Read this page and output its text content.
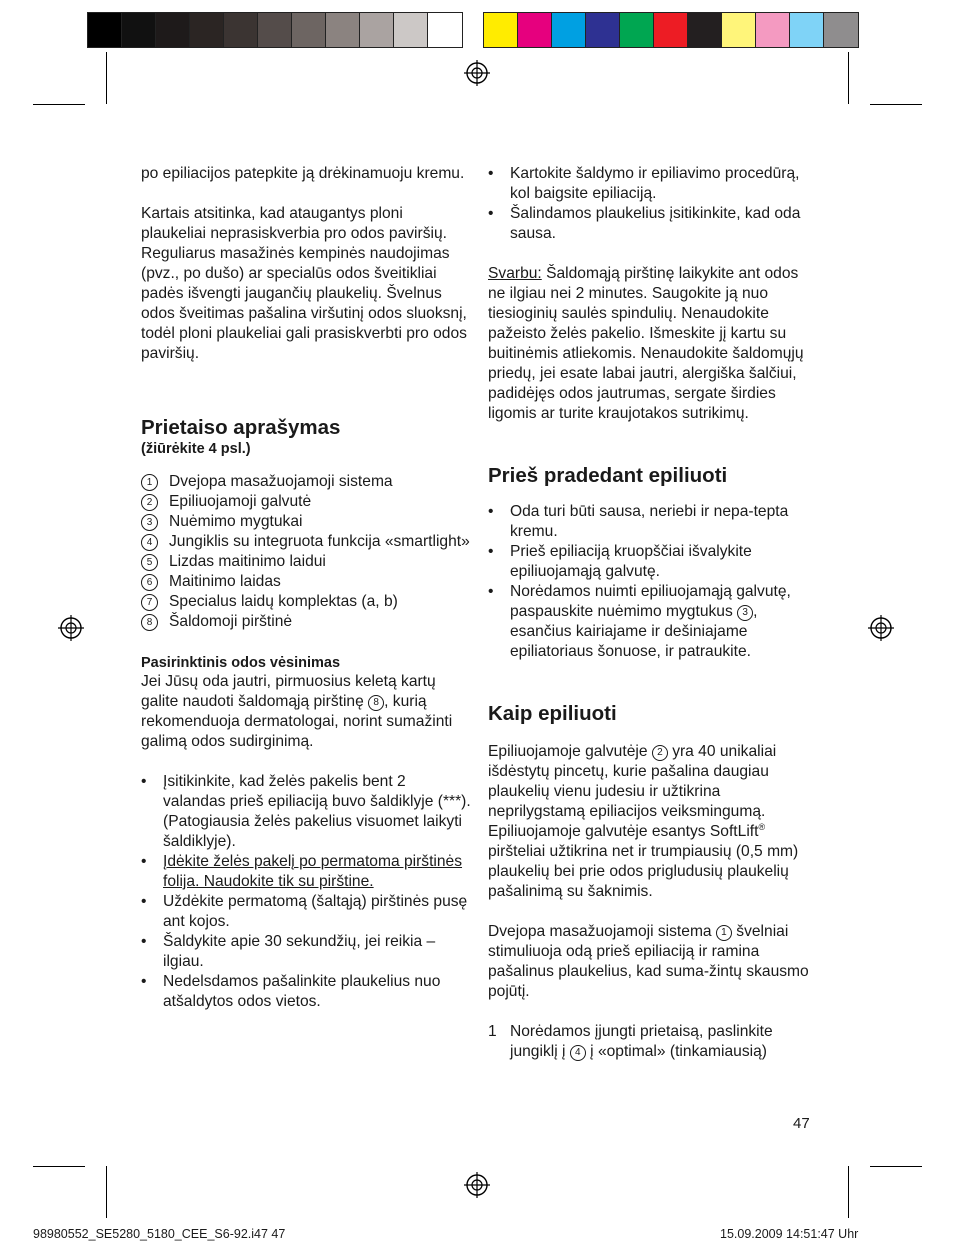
po epiliacijos patepkite ją drėkinamuoju kremu.

Kartais atsitinka, kad ataugantys ploni plaukeliai neprasiskverbia pro odos paviršių. Reguliarus masažinės kempinės naudojimas (pvz., po dušo) ar specialūs odos šveitikliai padės išvengti jaugančių plaukelių. Švelnus odos šveitimas pašalina viršutinį odos sluoksnį, todėl ploni plaukeliai gali prasiskverbti pro odos paviršių.

Prietaiso aprašymas
(žiūrėkite 4 psl.)
1	Dvejopa masažuojamoji sistema
2	Epiliuojamoji galvutė
3	Nuėmimo mygtukai
4	Jungiklis su integruota funkcija «smartlight»
5	Lizdas maitinimo laidui
6	Maitinimo laidas
7	Specialus laidų komplektas (a, b)
8	Šaldomoji pirštinė
Pasirinktinis odos vėsinimas

Jei Jūsų oda jautri, pirmuosius keletą kartų galite naudoti šaldomąją pirštinę 8 , kurią rekomenduoja dermatologai, norint sumažinti galimą odos sudirginimą.

• Įsitikinkite, kad želės pakelis bent 2 valandas prieš epiliaciją buvo šaldiklyje (***). (Patogiausia želės pakelius visuomet laikyti šaldiklyje).
• Įdėkite želės pakelį po permatoma pirštinės folija. Naudokite tik su pirštine.
• Uždėkite permatomą (šaltąją) pirštinės pusę ant kojos.
• Šaldykite apie 30 sekundžių, jei reikia – ilgiau.
• Nedelsdamos pašalinkite plaukelius nuo atšaldytos odos vietos.
• Kartokite šaldymo ir epiliavimo procedūrą, kol baigsite epiliaciją.
• Šalindamos plaukelius įsitikinkite, kad oda sausa.

Svarbu: Šaldomąją pirštinę laikykite ant odos ne ilgiau nei 2 minutes. Saugokite ją nuo tiesioginių saulės spindulių. Nenaudokite pažeisto želės pakelio. Išmeskite jį kartu su buitinėmis atliekomis. Nenaudokite šaldomųjų priedų, jei esate labai jautri, alergiška šalčiui, padidėjęs odos jautrumas, sergate širdies ligomis ar turite kraujotakos sutrikimų.

Prieš pradedant epiliuoti
• Oda turi būti sausa, neriebi ir nepa-tepta kremu.
• Prieš epiliaciją kruopščiai išvalykite epiliuojamąją galvutę.
• Norėdamos nuimti epiliuojamąją galvutę, paspauskite nuėmimo mygtukus 3 , esančius kairiajame ir dešiniajame epiliatoriaus šonuose, ir patraukite.
Kaip epiliuoti

Epiliuojamoje galvutėje 2 yra 40 unikaliai išdėstytų pincetų, kurie pašalina daugiau plaukelių vienu judesiu ir užtikrina neprilygstamą epiliacijos veiksmingumą. Epiliuojamoje galvutėje esantys SoftLift® piršteliai užtikrina net ir trumpiausių (0,5 mm) plaukelių bei prie odos prigludusių plaukelių pašalinimą su šaknimis.

Dvejopa masažuojamoji sistema 1 švelniai stimuliuoja odą prieš epiliaciją ir ramina pašalinus plaukelius, kad suma-žintų skausmo pojūtį.

1 Norėdamos įjungti prietaisą, paslinkite jungiklį į 4 į «optimal» (tinkamiausią)
47
98980552_SE5280_5180_CEE_S6-92.i47 47	15.09.2009 14:51:47 Uhr
